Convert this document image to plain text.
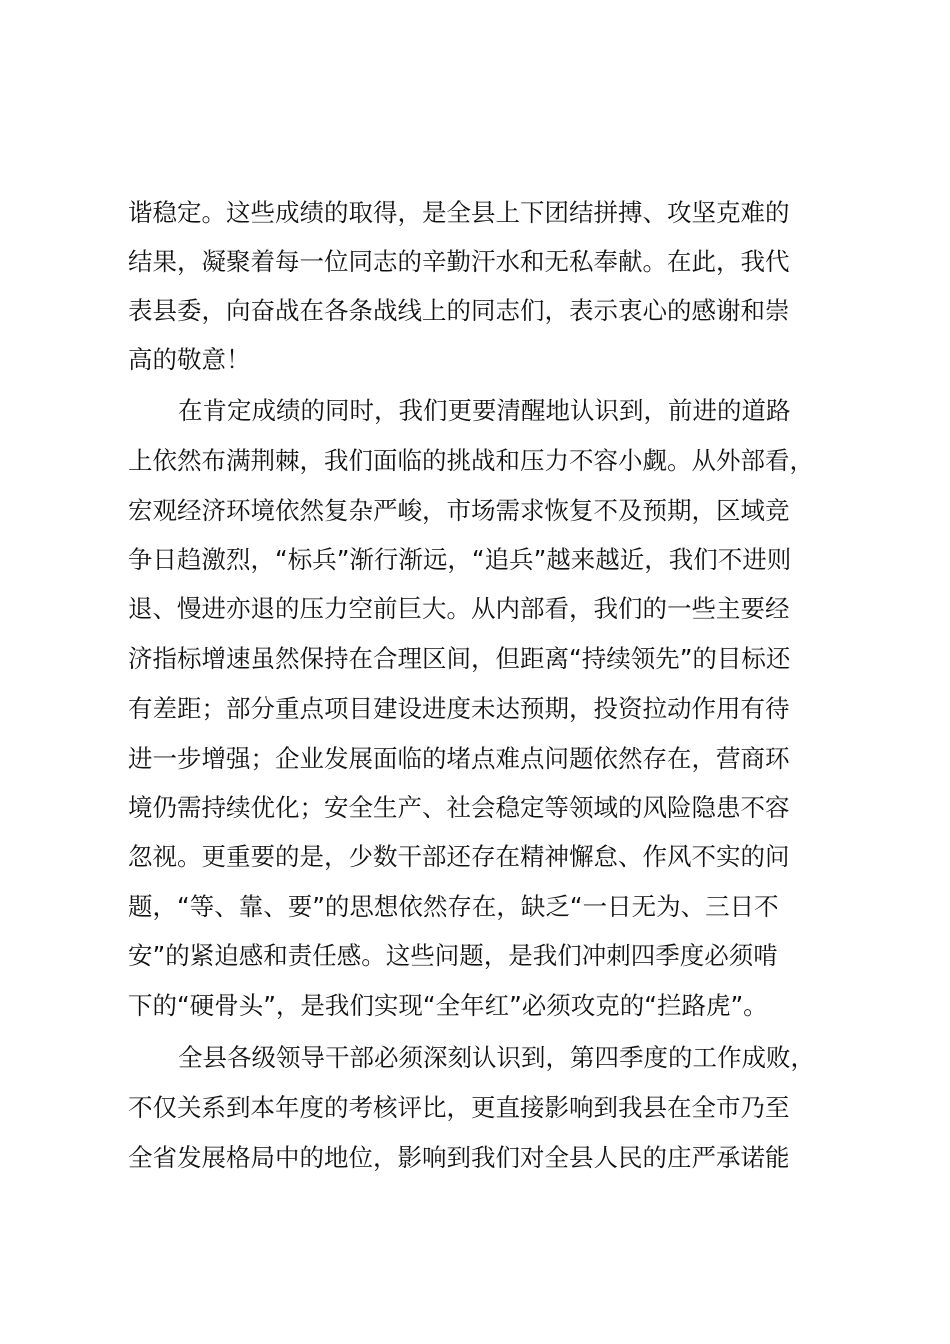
谐稳定。这些成绩的取得，是全县上下团结拼搏、攻坚克难的
结果，凝聚着每一位同志的辛勤汗水和无私奉献。在此，我代
表县委，向奋战在各条战线上的同志们，表示衷心的感谢和崇
高的敬意！
在肯定成绩的同时，我们更要清醒地认识到，前进的道路
上依然布满荆棘，我们面临的挑战和压力不容小觑。从外部看，
宏观经济环境依然复杂严峻，市场需求恢复不及预期，区域竞
争日趋激烈，“标兵”渐行渐远，“追兵”越来越近，我们不进则
退、慢进亦退的压力空前巨大。从内部看，我们的一些主要经
济指标增速虽然保持在合理区间，但距离“持续领先”的目标还
有差距；部分重点项目建设进度未达预期，投资拉动作用有待
进一步增强；企业发展面临的堵点难点问题依然存在，营商环
境仍需持续优化；安全生产、社会稳定等领域的风险隐患不容
忽视。更重要的是，少数干部还存在精神懈怠、作风不实的问
题，“等、靠、要”的思想依然存在，缺乏“一日无为、三日不
安”的紧迫感和责任感。这些问题，是我们冲刺四季度必须啃
下的“硬骨头”，是我们实现“全年红”必须攻克的“拦路虎”。
全县各级领导干部必须深刻认识到，第四季度的工作成败，
不仅关系到本年度的考核评比，更直接影响到我县在全市乃至
全省发展格局中的地位，影响到我们对全县人民的庄严承诺能
